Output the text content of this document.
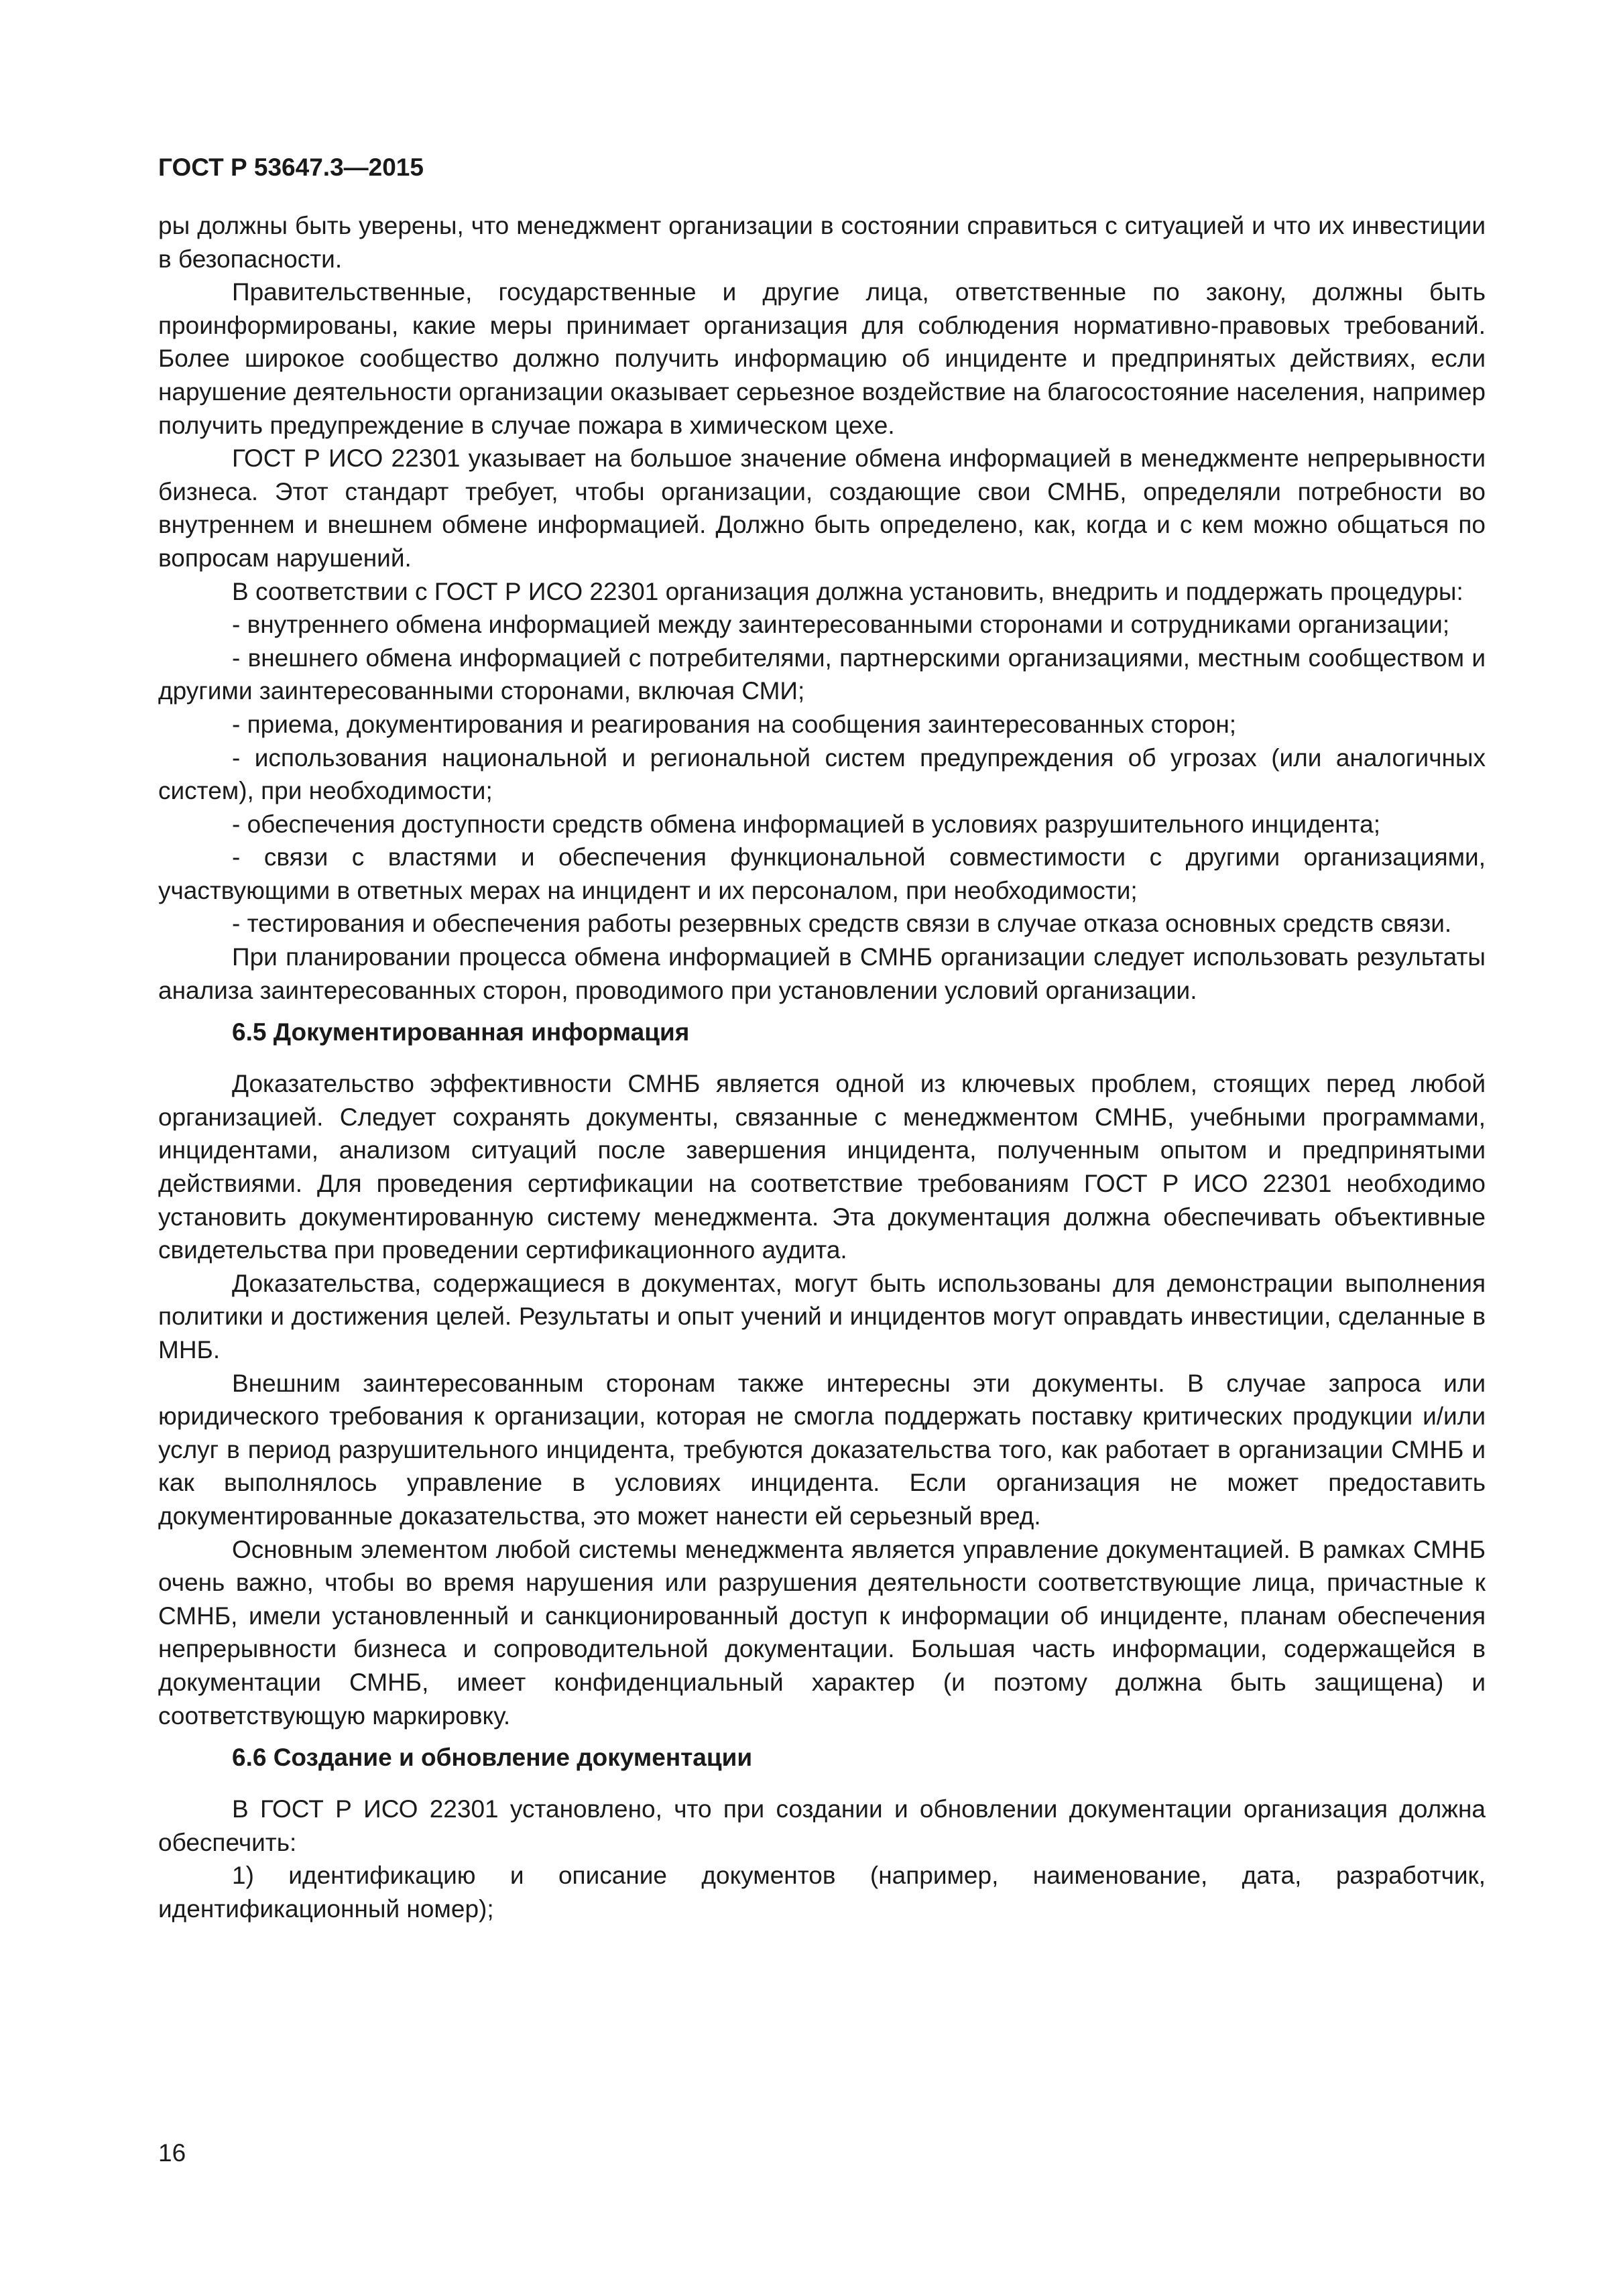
ГОСТ Р 53647.3—2015

ры должны быть уверены, что менеджмент организации в состоянии справиться с ситуацией и что их инвестиции в безопасности.

Правительственные, государственные и другие лица, ответственные по закону, должны быть проинформированы, какие меры принимает организация для соблюдения нормативно-правовых требований. Более широкое сообщество должно получить информацию об инциденте и предпринятых действиях, если нарушение деятельности организации оказывает серьезное воздействие на благосостояние населения, например получить предупреждение в случае пожара в химическом цехе.

ГОСТ Р ИСО 22301 указывает на большое значение обмена информацией в менеджменте непрерывности бизнеса. Этот стандарт требует, чтобы организации, создающие свои СМНБ, определяли потребности во внутреннем и внешнем обмене информацией. Должно быть определено, как, когда и с кем можно общаться по вопросам нарушений.

В соответствии с ГОСТ Р ИСО 22301 организация должна установить, внедрить и поддержать процедуры:

- внутреннего обмена информацией между заинтересованными сторонами и сотрудниками организации;

- внешнего обмена информацией с потребителями, партнерскими организациями, местным сообществом и другими заинтересованными сторонами, включая СМИ;

- приема, документирования и реагирования на сообщения заинтересованных сторон;

- использования национальной и региональной систем предупреждения об угрозах (или аналогичных систем), при необходимости;

- обеспечения доступности средств обмена информацией в условиях разрушительного инцидента;

- связи с властями и обеспечения функциональной совместимости с другими организациями, участвующими в ответных мерах на инцидент и их персоналом, при необходимости;

- тестирования и обеспечения работы резервных средств связи в случае отказа основных средств связи.

При планировании процесса обмена информацией в СМНБ организации следует использовать результаты анализа заинтересованных сторон, проводимого при установлении условий организации.

6.5 Документированная информация

Доказательство эффективности СМНБ является одной из ключевых проблем, стоящих перед любой организацией. Следует сохранять документы, связанные с менеджментом СМНБ, учебными программами, инцидентами, анализом ситуаций после завершения инцидента, полученным опытом и предпринятыми действиями. Для проведения сертификации на соответствие требованиям ГОСТ Р ИСО 22301 необходимо установить документированную систему менеджмента. Эта документация должна обеспечивать объективные свидетельства при проведении сертификационного аудита.

Доказательства, содержащиеся в документах, могут быть использованы для демонстрации выполнения политики и достижения целей. Результаты и опыт учений и инцидентов могут оправдать инвестиции, сделанные в МНБ.

Внешним заинтересованным сторонам также интересны эти документы. В случае запроса или юридического требования к организации, которая не смогла поддержать поставку критических продукции и/или услуг в период разрушительного инцидента, требуются доказательства того, как работает в организации СМНБ и как выполнялось управление в условиях инцидента. Если организация не может предоставить документированные доказательства, это может нанести ей серьезный вред.

Основным элементом любой системы менеджмента является управление документацией. В рамках СМНБ очень важно, чтобы во время нарушения или разрушения деятельности соответствующие лица, причастные к СМНБ, имели установленный и санкционированный доступ к информации об инциденте, планам обеспечения непрерывности бизнеса и сопроводительной документации. Большая часть информации, содержащейся в документации СМНБ, имеет конфиденциальный характер (и поэтому должна быть защищена) и соответствующую маркировку.

6.6 Создание и обновление документации

В ГОСТ Р ИСО 22301 установлено, что при создании и обновлении документации организация должна обеспечить:

1) идентификацию и описание документов (например, наименование, дата, разработчик, идентификационный номер);

16
